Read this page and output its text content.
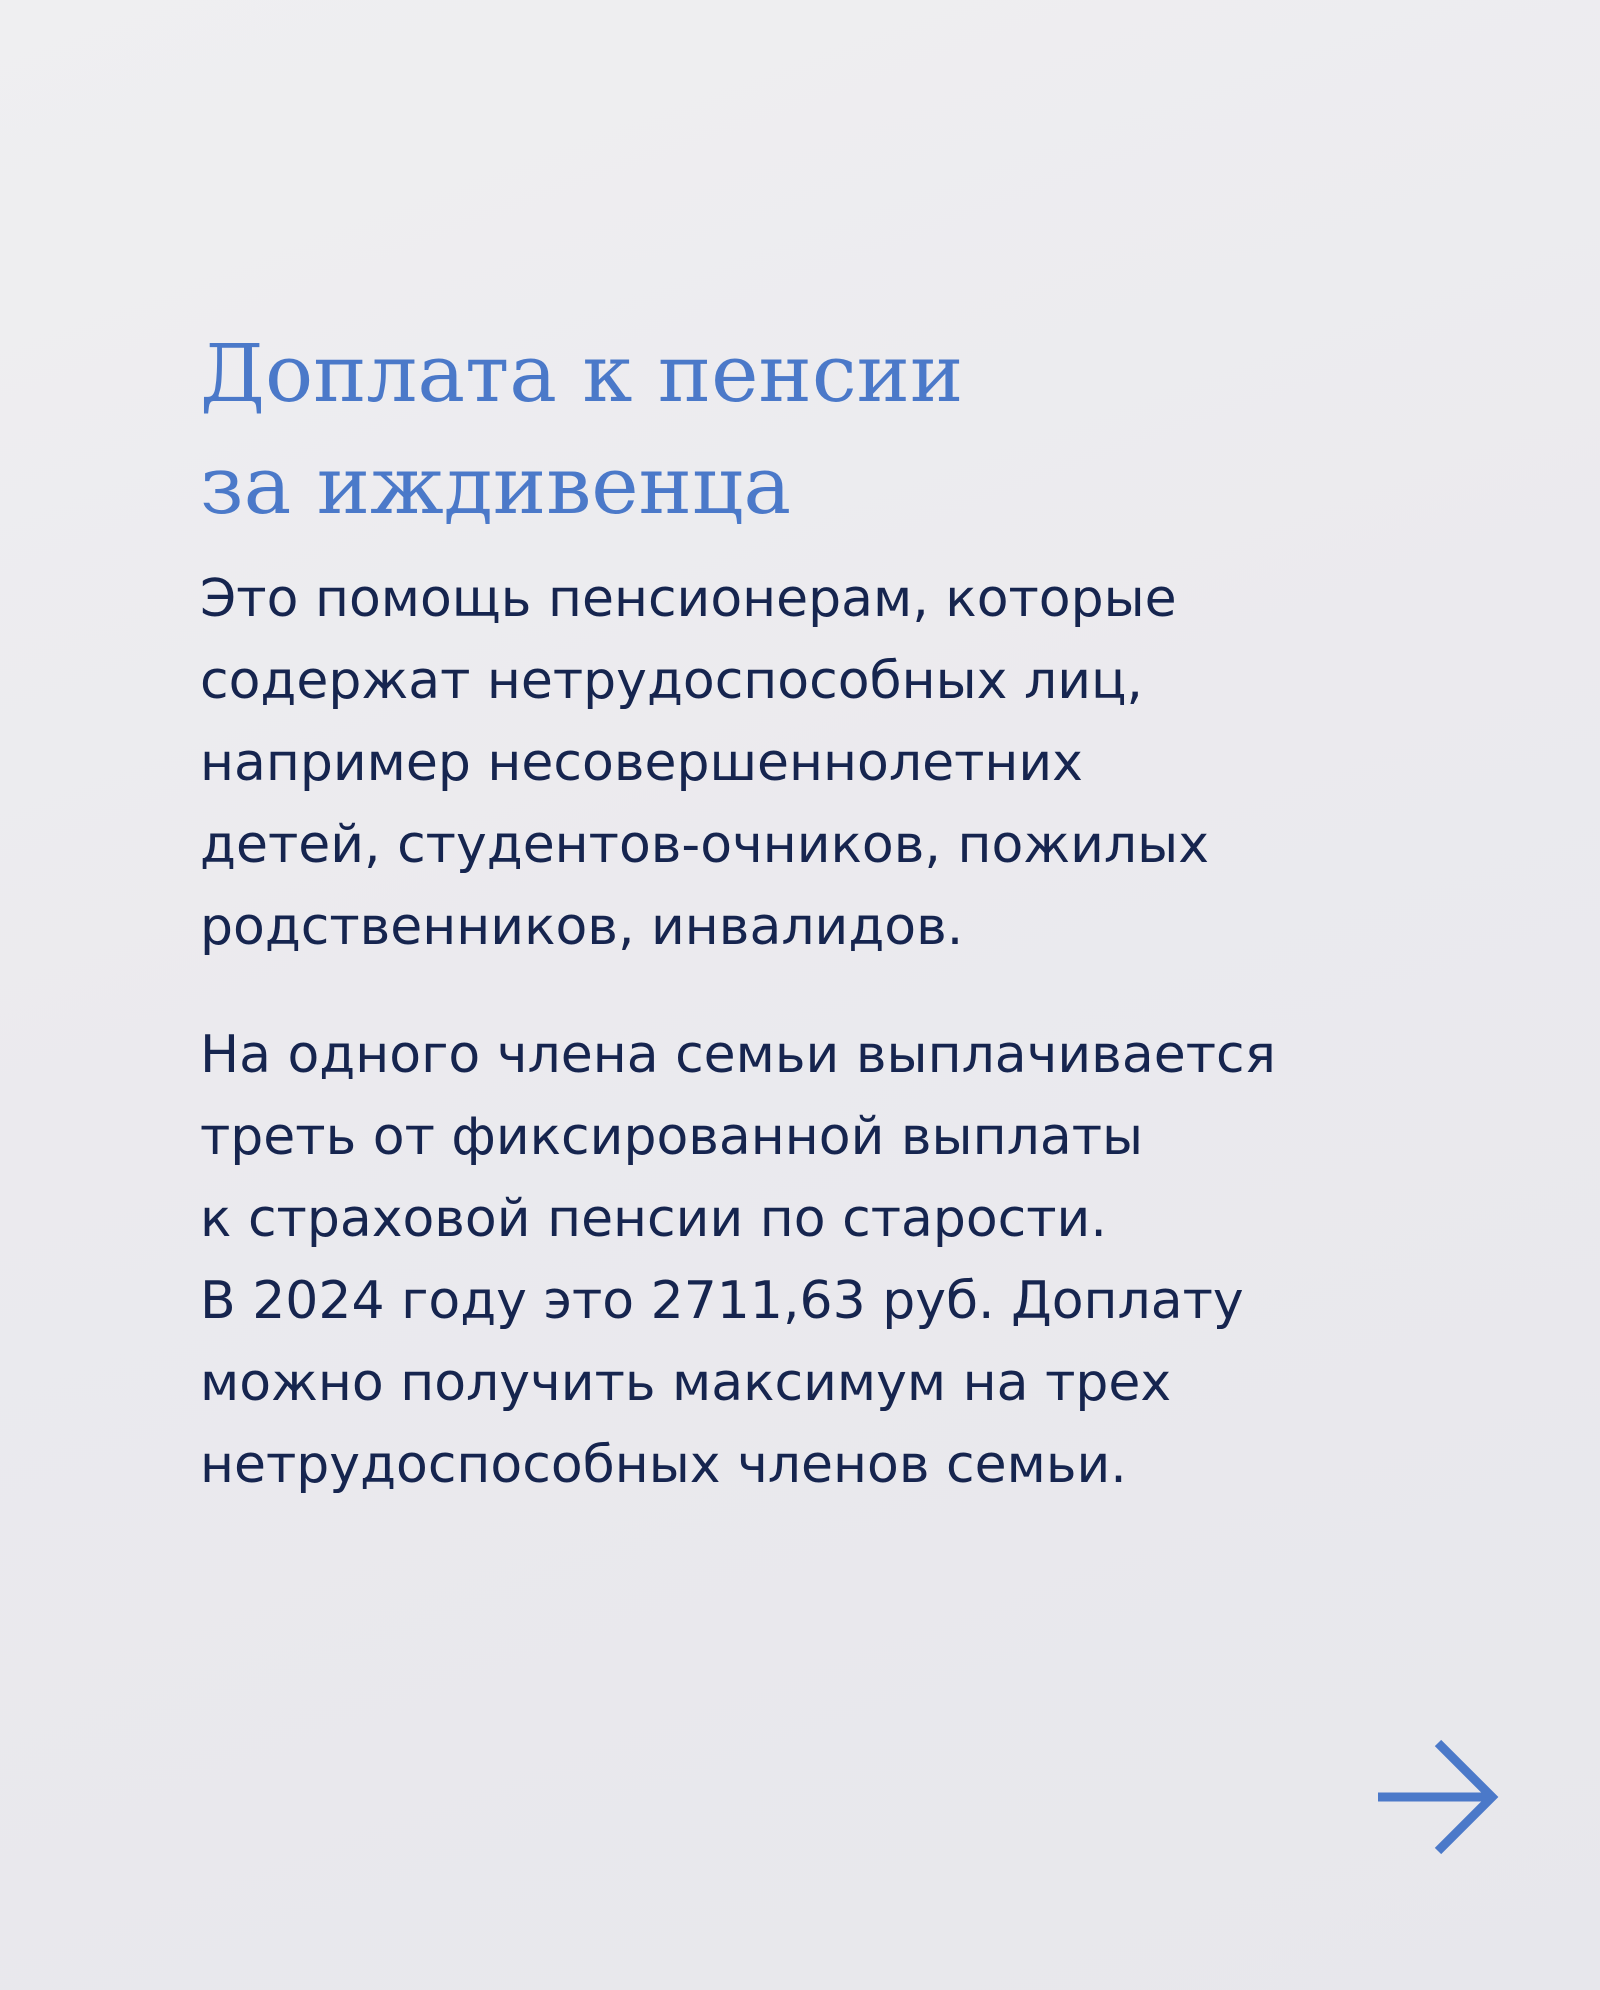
Доплата к пенсии
за иждивенца

Это помощь пенсионерам, которые
содержат нетрудоспособных лиц,
например несовершеннолетних
детей, студентов-очников, пожилых
родственников, инвалидов.

На одного члена семьи выплачивается
треть от фиксированной выплаты
к страховой пенсии по старости.
В 2024 году это 2711,63 руб. Доплату
можно получить максимум на трех
нетрудоспособных членов семьи.
